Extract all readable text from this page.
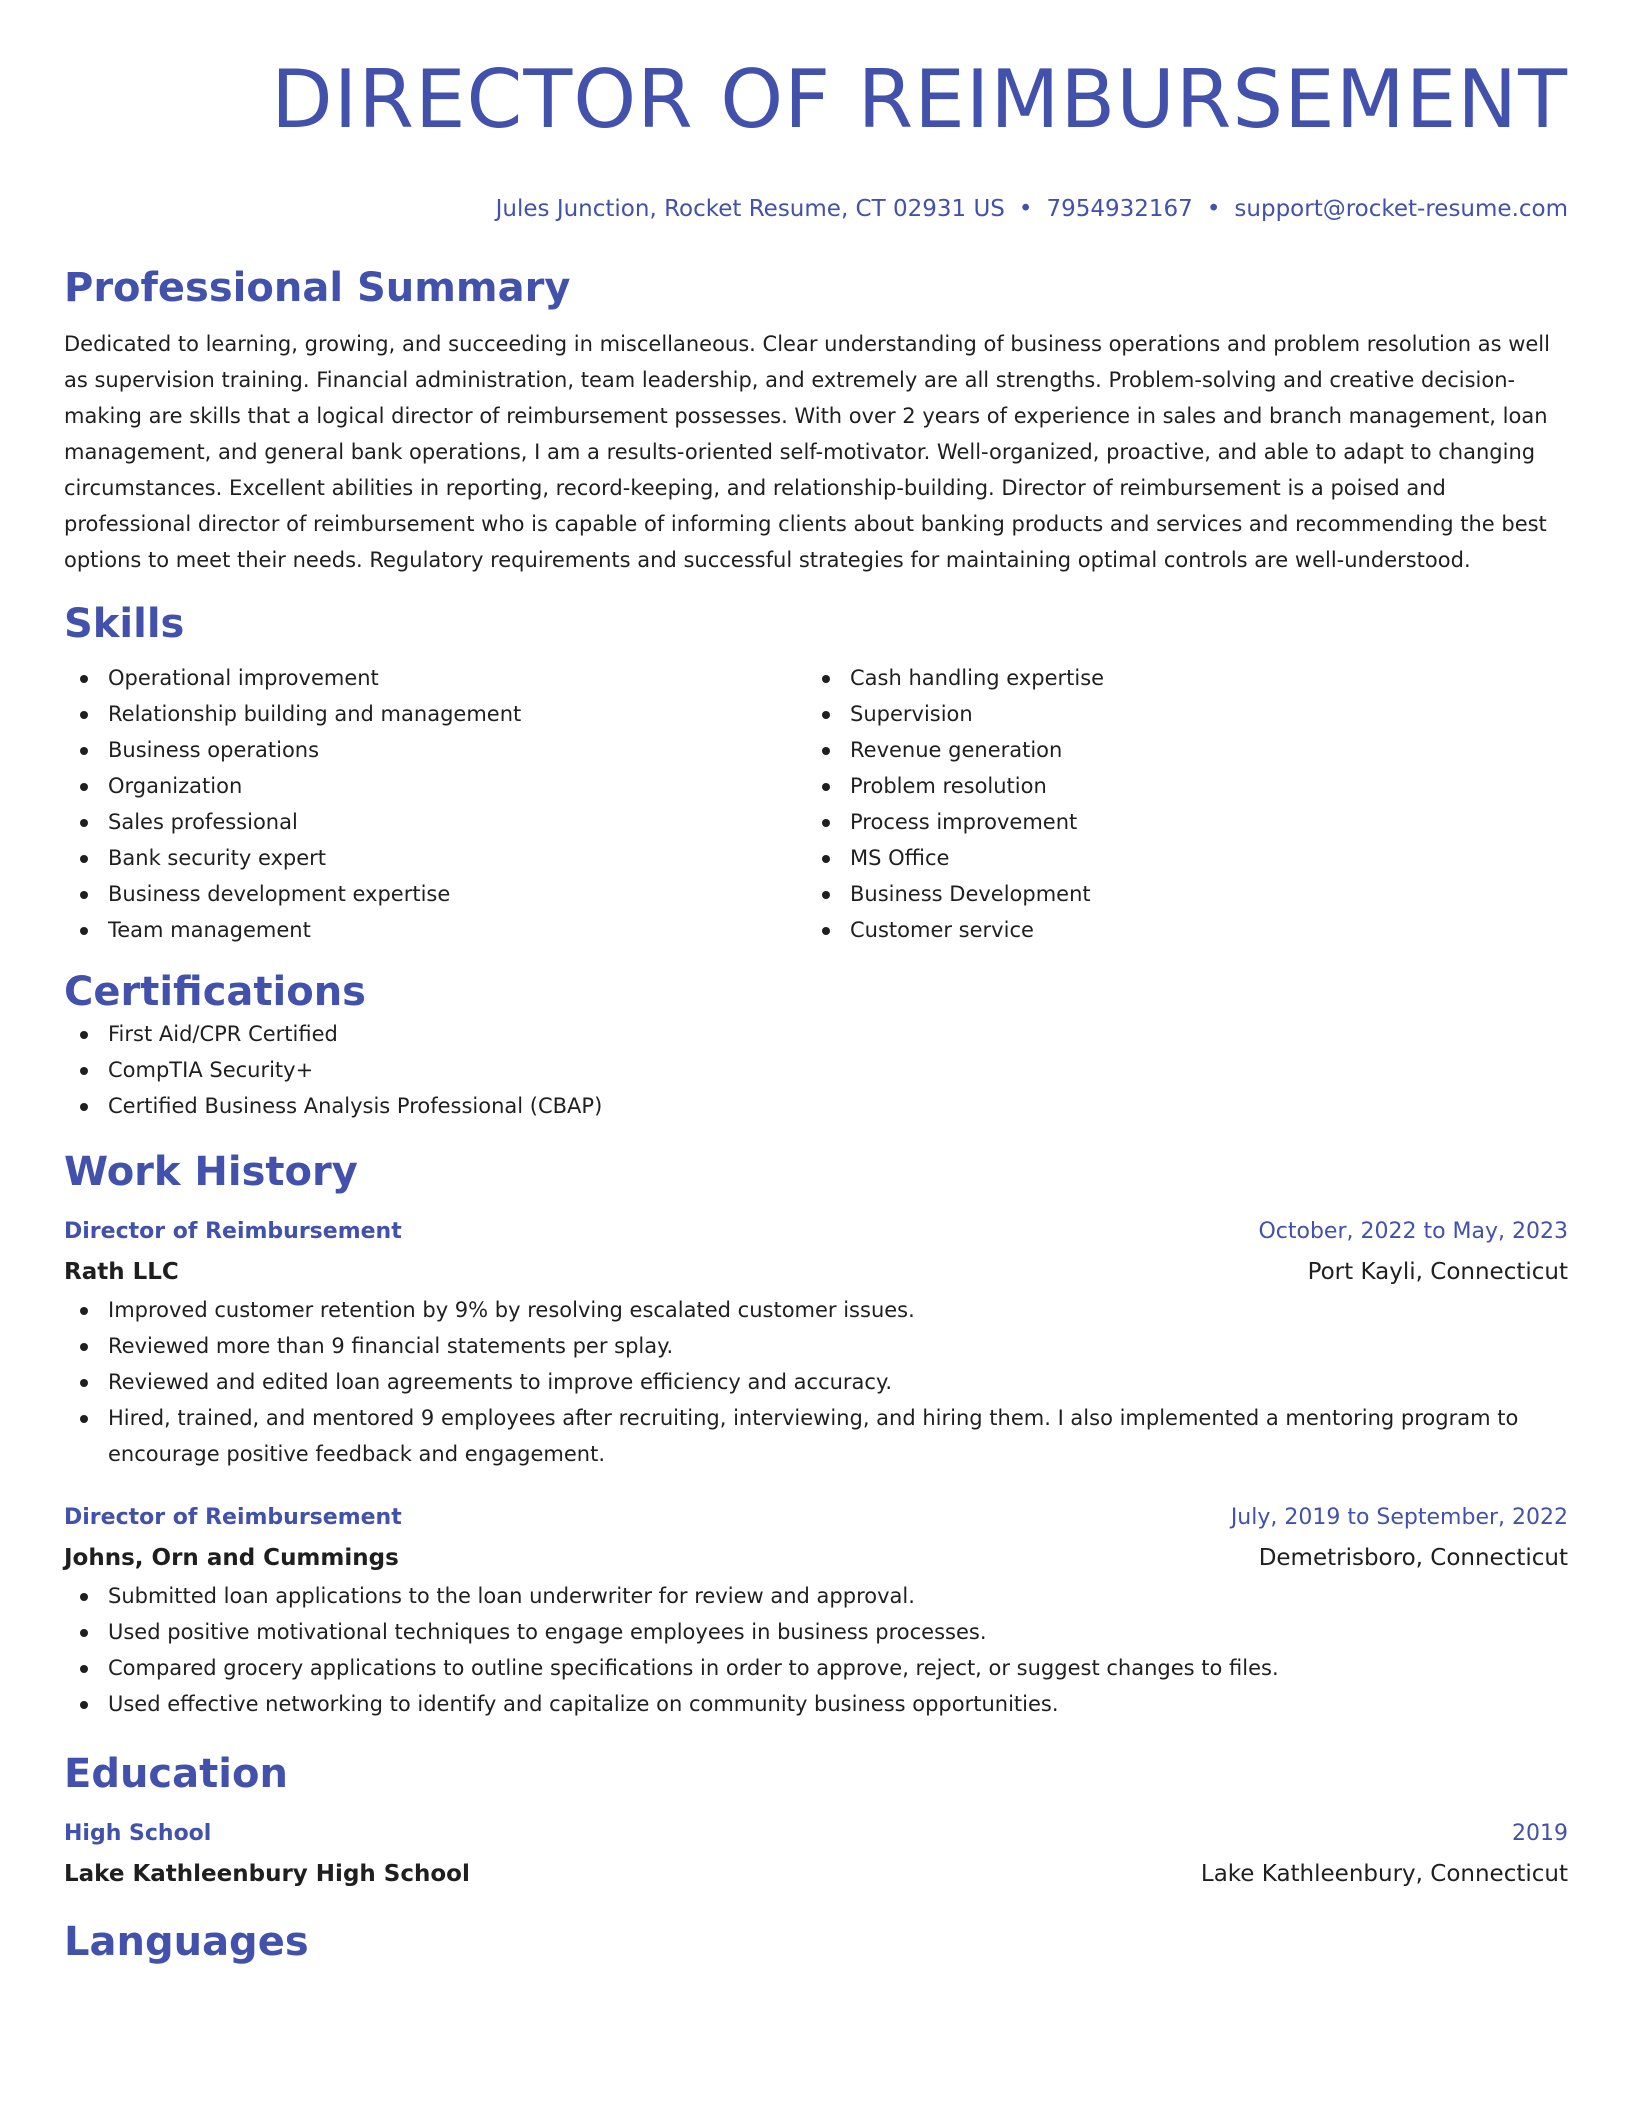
DIRECTOR OF REIMBURSEMENT
Jules Junction, Rocket Resume, CT 02931 US • 7954932167 • support@rocket-resume.com
Professional Summary

Dedicated to learning, growing, and succeeding in miscellaneous. Clear understanding of business operations and problem resolution as well as supervision training. Financial administration, team leadership, and extremely are all strengths. Problem-solving and creative decision-making are skills that a logical director of reimbursement possesses. With over 2 years of experience in sales and branch management, loan management, and general bank operations, I am a results-oriented self-motivator. Well-organized, proactive, and able to adapt to changing circumstances. Excellent abilities in reporting, record-keeping, and relationship-building. Director of reimbursement is a poised and professional director of reimbursement who is capable of informing clients about banking products and services and recommending the best options to meet their needs. Regulatory requirements and successful strategies for maintaining optimal controls are well-understood.

Skills
Operational improvement
Relationship building and management
Business operations
Organization
Sales professional
Bank security expert
Business development expertise
Team management
Cash handling expertise
Supervision
Revenue generation
Problem resolution
Process improvement
MS Office
Business Development
Customer service
Certifications
First Aid/CPR Certified
CompTIA Security+
Certified Business Analysis Professional (CBAP)
Work History
Director of Reimbursement	October, 2022 to May, 2023
Rath LLC	Port Kayli, Connecticut
Improved customer retention by 9% by resolving escalated customer issues.
Reviewed more than 9 financial statements per splay.
Reviewed and edited loan agreements to improve efficiency and accuracy.
Hired, trained, and mentored 9 employees after recruiting, interviewing, and hiring them. I also implemented a mentoring program to encourage positive feedback and engagement.
Director of Reimbursement	July, 2019 to September, 2022
Johns, Orn and Cummings	Demetrisboro, Connecticut
Submitted loan applications to the loan underwriter for review and approval.
Used positive motivational techniques to engage employees in business processes.
Compared grocery applications to outline specifications in order to approve, reject, or suggest changes to files.
Used effective networking to identify and capitalize on community business opportunities.
Education
High School	2019
Lake Kathleenbury High School	Lake Kathleenbury, Connecticut
Languages
